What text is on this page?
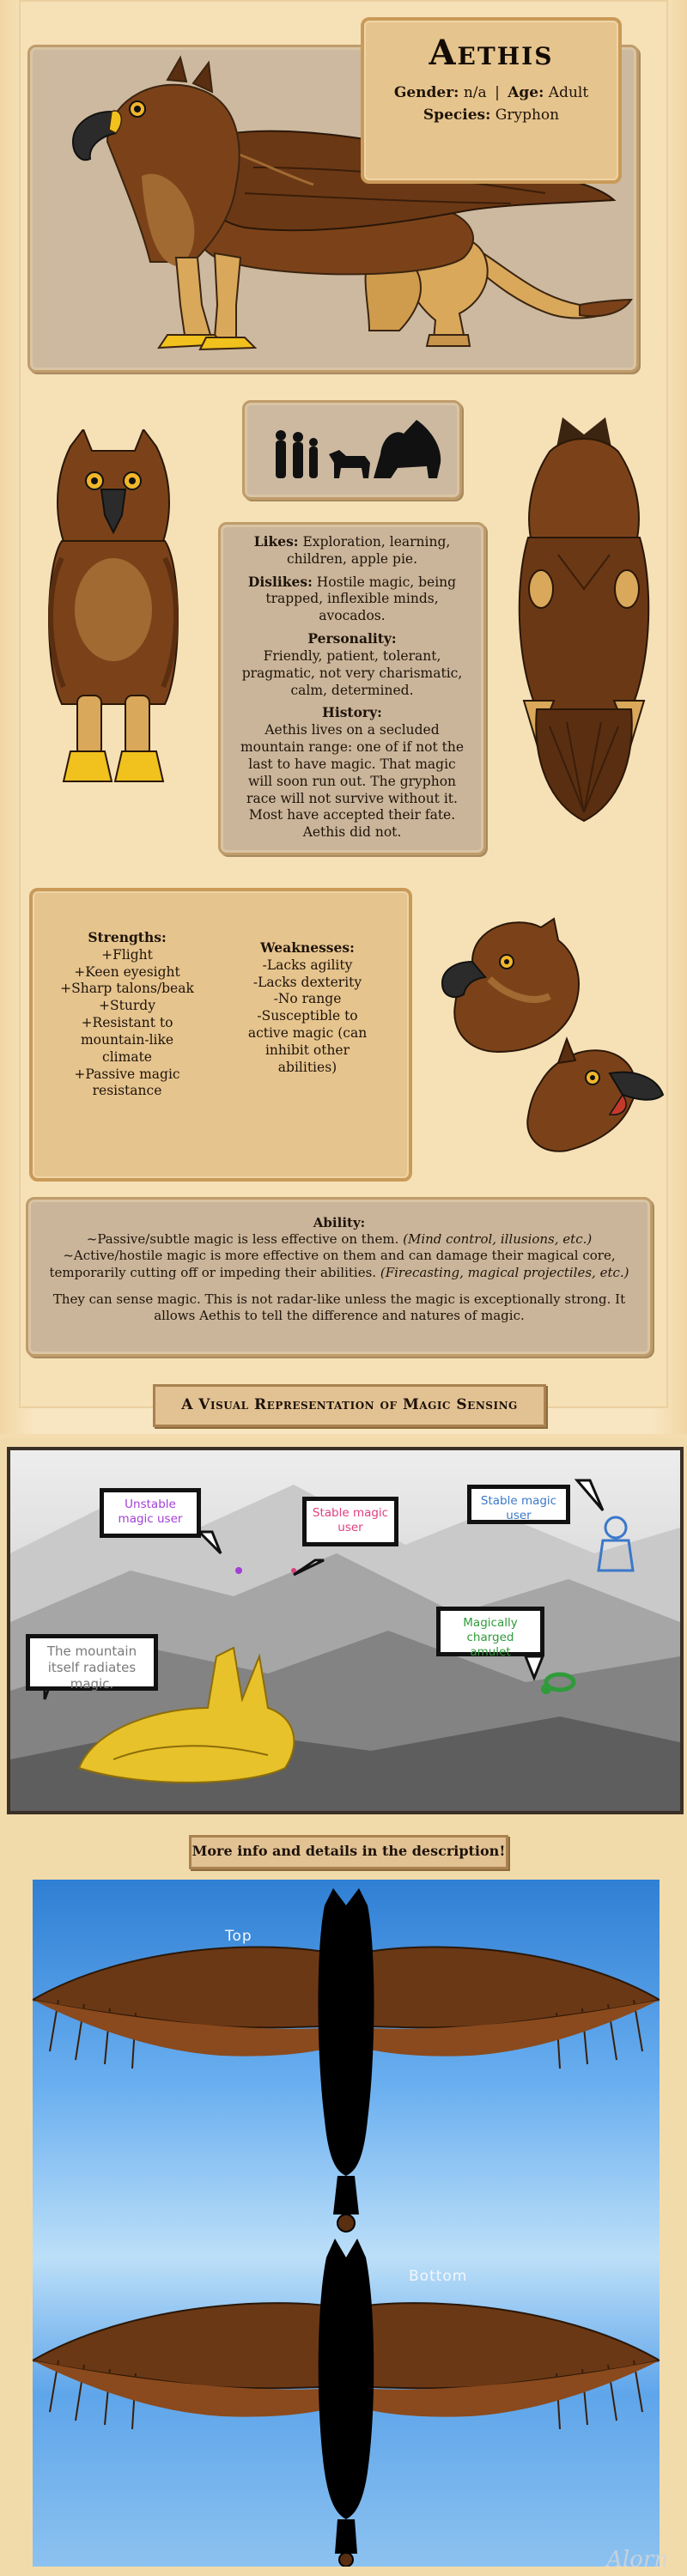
Aethis
Gender: n/a | Age: Adult
Species: Gryphon
Likes: Exploration, learning, children, apple pie.
Dislikes: Hostile magic, being trapped, inflexible minds, avocados.
Personality:
Friendly, patient, tolerant, pragmatic, not very charismatic, calm, determined.
History:
Aethis lives on a secluded mountain range: one of if not the last to have magic. That magic will soon run out. The gryphon race will not survive without it. Most have accepted their fate.
Aethis did not.
Strengths:
+Flight
+Keen eyesight
+Sharp talons/beak
+Sturdy
+Resistant to mountain-like climate
+Passive magic resistance
Weaknesses:
-Lacks agility
-Lacks dexterity
-No range
-Susceptible to active magic (can inhibit other abilities)
Ability:
~Passive/subtle magic is less effective on them. (Mind control, illusions, etc.)
~Active/hostile magic is more effective on them and can damage their magical core, temporarily cutting off or impeding their abilities. (Firecasting, magical projectiles, etc.)
They can sense magic. This is not radar-like unless the magic is exceptionally strong. It allows Aethis to tell the difference and natures of magic.
A Visual Representation of Magic Sensing
Unstable magic user	Stable magic user
Stable magic user
Magically charged amulet
The mountain itself radiates magic.
More info and details in the description!
Top
Bottom
Alorn
